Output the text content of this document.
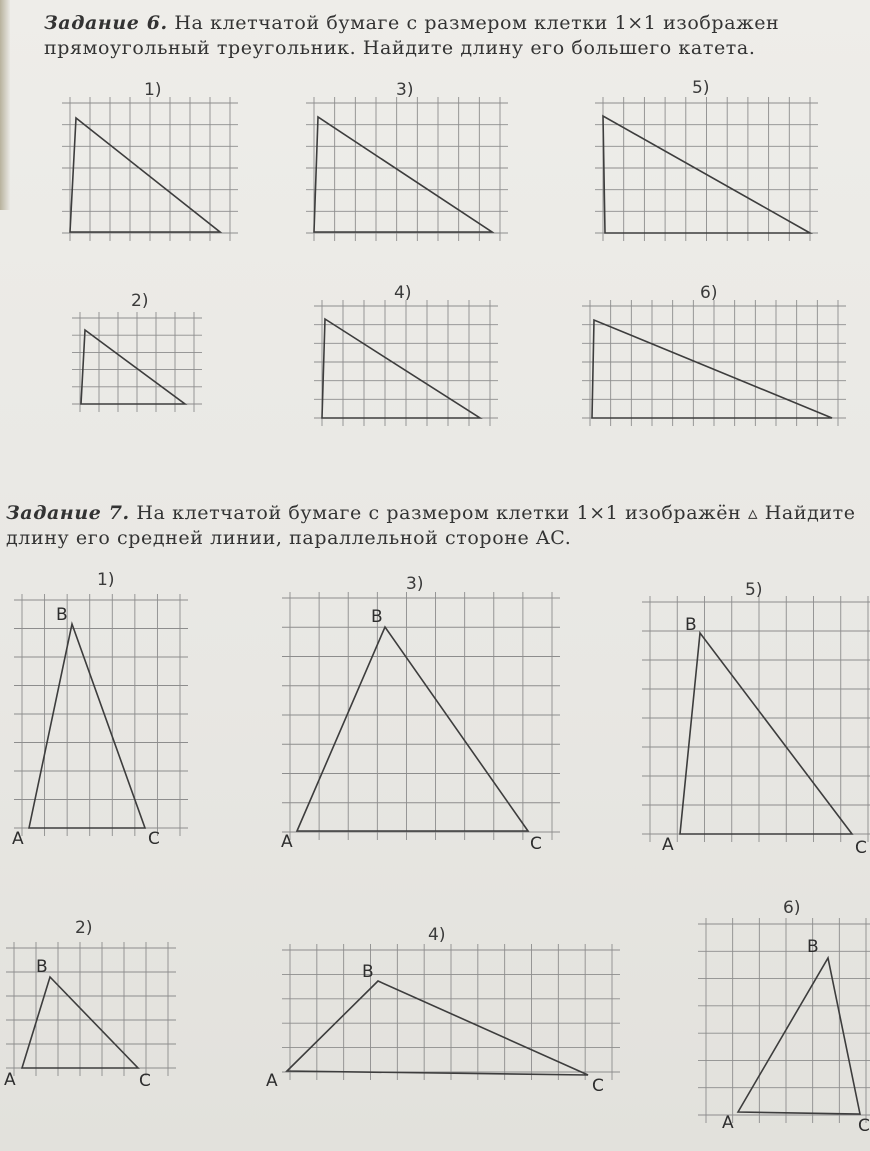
Задание 6. На клетчатой бумаге с размером клетки 1×1 изображен прямоугольный треугольник. Найдите длину его большего катета.

1)	3)	5)
2)	4)	6)

Задание 7. На клетчатой бумаге с размером клетки 1×1 изображён ▵ Найдите длину его средней линии, параллельной стороне AC.

1)	3)	5)
2)	4)
6)
B
A	C
B
A	C
B
A	C
B
A	C
B
A	C
B
A	C
